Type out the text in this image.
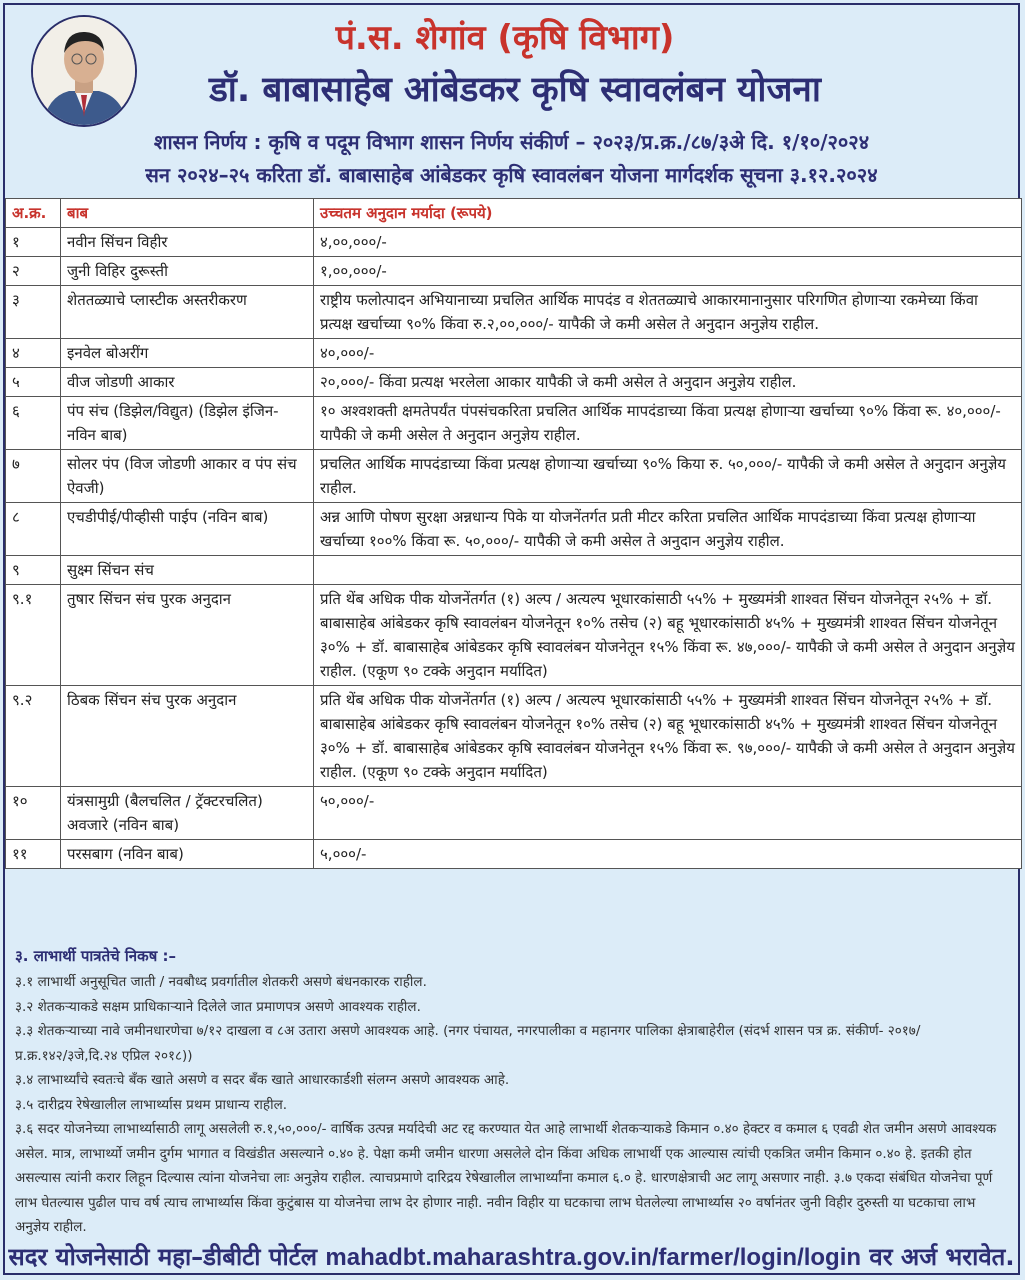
पं.स. शेगांव (कृषि विभाग)
डॉ. बाबासाहेब आंबेडकर कृषि स्वावलंबन योजना
शासन निर्णय : कृषि व पदूम विभाग शासन निर्णय संकीर्ण – २०२३/प्र.क्र./८७/३अे दि. १/१०/२०२४
सन २०२४–२५ करिता डॉ. बाबासाहेब आंबेडकर कृषि स्वावलंबन योजना मार्गदर्शक सूचना ३.१२.२०२४
अ.क्र.	बाब	उच्चतम अनुदान मर्यादा (रूपये)
१	नवीन सिंचन विहीर	४,००,०००/-
२	जुनी विहिर दुरूस्ती	१,००,०००/-
३	शेततळ्याचे प्लास्टीक अस्तरीकरण	राष्ट्रीय फलोत्पादन अभियानाच्या प्रचलित आर्थिक मापदंड व शेततळ्याचे आकारमानानुसार परिगणित होणाऱ्या रकमेच्या किंवा प्रत्यक्ष खर्चाच्या ९०% किंवा रु.२,००,०००/- यापैकी जे कमी असेल ते अनुदान अनुज्ञेय राहील.
४	इनवेल बोअरींग	४०,०००/-
५	वीज जोडणी आकार	२०,०००/- किंवा प्रत्यक्ष भरलेला आकार यापैकी जे कमी असेल ते अनुदान अनुज्ञेय राहील.
६	पंप संच (डिझेल/विद्युत) (डिझेल इंजिन-नविन बाब)	१० अश्वशक्ती क्षमतेपर्यंत पंपसंचकरिता प्रचलित आर्थिक मापदंडाच्या किंवा प्रत्यक्ष होणाऱ्या खर्चाच्या ९०% किंवा रू. ४०,०००/- यापैकी जे कमी असेल ते अनुदान अनुज्ञेय राहील.
७	सोलर पंप (विज जोडणी आकार व पंप संच ऐवजी)	प्रचलित आर्थिक मापदंडाच्या किंवा प्रत्यक्ष होणाऱ्या खर्चाच्या ९०% किया रु. ५०,०००/- यापैकी जे कमी असेल ते अनुदान अनुज्ञेय राहील.
८	एचडीपीई/पीव्हीसी पाईप (नविन बाब)	अन्न आणि पोषण सुरक्षा अन्नधान्य पिके या योजनेंतर्गत प्रती मीटर करिता प्रचलित आर्थिक मापदंडाच्या किंवा प्रत्यक्ष होणाऱ्या खर्चाच्या १००% किंवा रू. ५०,०००/- यापैकी जे कमी असेल ते अनुदान अनुज्ञेय राहील.
९	सुक्ष्म सिंचन संच	
९.१	तुषार सिंचन संच पुरक अनुदान	प्रति थेंब अधिक पीक योजनेंतर्गत (१) अल्प / अत्यल्प भूधारकांसाठी ५५% + मुख्यमंत्री शाश्वत सिंचन योजनेतून २५% + डॉ. बाबासाहेब आंबेडकर कृषि स्वावलंबन योजनेतून १०% तसेच (२) बहू भूधारकांसाठी ४५% + मुख्यमंत्री शाश्वत सिंचन योजनेतून ३०% + डॉ. बाबासाहेब आंबेडकर कृषि स्वावलंबन योजनेतून १५% किंवा रू. ४७,०००/- यापैकी जे कमी असेल ते अनुदान अनुज्ञेय राहील. (एकूण ९० टक्के अनुदान मर्यादित)
९.२	ठिबक सिंचन संच पुरक अनुदान	प्रति थेंब अधिक पीक योजनेंतर्गत (१) अल्प / अत्यल्प भूधारकांसाठी ५५% + मुख्यमंत्री शाश्वत सिंचन योजनेतून २५% + डॉ. बाबासाहेब आंबेडकर कृषि स्वावलंबन योजनेतून १०% तसेच (२) बहू भूधारकांसाठी ४५% + मुख्यमंत्री शाश्वत सिंचन योजनेतून ३०% + डॉ. बाबासाहेब आंबेडकर कृषि स्वावलंबन योजनेतून १५% किंवा रू. ९७,०००/- यापैकी जे कमी असेल ते अनुदान अनुज्ञेय राहील. (एकूण ९० टक्के अनुदान मर्यादित)
१०	यंत्रसामुग्री (बैलचलित / ट्रॅक्टरचलित) अवजारे (नविन बाब)	५०,०००/-
११	परसबाग (नविन बाब)	५,०००/-
३. लाभार्थी पात्रतेचे निकष :–

३.१ लाभार्थी अनुसूचित जाती / नवबौध्द प्रवर्गातील शेतकरी असणे बंधनकारक राहील.

३.२ शेतकऱ्याकडे सक्षम प्राधिकाऱ्याने दिलेले जात प्रमाणपत्र असणे आवश्यक राहील.

३.३ शेतकऱ्याच्या नावे जमीनधारणेचा ७/१२ दाखला व ८अ उतारा असणे आवश्यक आहे. (नगर पंचायत, नगरपालीका व महानगर पालिका क्षेत्राबाहेरील (संदर्भ शासन पत्र क्र. संकीर्ण- २०१७/प्र.क्र.१४२/३जे,दि.२४ एप्रिल २०१८))

३.४ लाभार्थ्यांचे स्वतःचे बँक खाते असणे व सदर बँक खाते आधारकार्डशी संलग्न असणे आवश्यक आहे.

३.५ दारीद्रय रेषेखालील लाभार्थ्यास प्रथम प्राधान्य राहील.

३.६ सदर योजनेच्या लाभार्थ्यासाठी लागू असलेली रु.१,५०,०००/- वार्षिक उत्पन्न मर्यादेची अट रद्द करण्यात येत आहे लाभार्थी शेतकऱ्याकडे किमान ०.४० हेक्टर व कमाल ६ एवढी शेत जमीन असणे आवश्यक असेल. मात्र, लाभार्थ्यो जमीन दुर्गम भागात व विखंडीत असल्याने ०.४० हे. पेक्षा कमी जमीन धारणा असलेले दोन किंवा अधिक लाभार्थी एक आल्यास त्यांची एकत्रित जमीन किमान ०.४० हे. इतकी होत असल्यास त्यांनी करार लिहून दिल्यास त्यांना योजनेचा लाः अनुज्ञेय राहील. त्याचप्रमाणे दारिद्रय रेषेखालील लाभार्थ्यांना कमाल ६.० हे. धारणक्षेत्राची अट लागू असणार नाही. ३.७ एकदा संबंधित योजनेचा पूर्ण लाभ घेतल्यास पुढील पाच वर्ष त्याच लाभार्थ्यास किंवा कुटुंबास या योजनेचा लाभ देर होणार नाही. नवीन विहीर या घटकाचा लाभ घेतलेल्या लाभार्थ्यास २० वर्षानंतर जुनी विहीर दुरुस्ती या घटकाचा लाभ अनुज्ञेय राहील.

सदर योजनेसाठी महा–डीबीटी पोर्टल mahadbt.maharashtra.gov.in/farmer/login/login वर अर्ज भरावेत.
